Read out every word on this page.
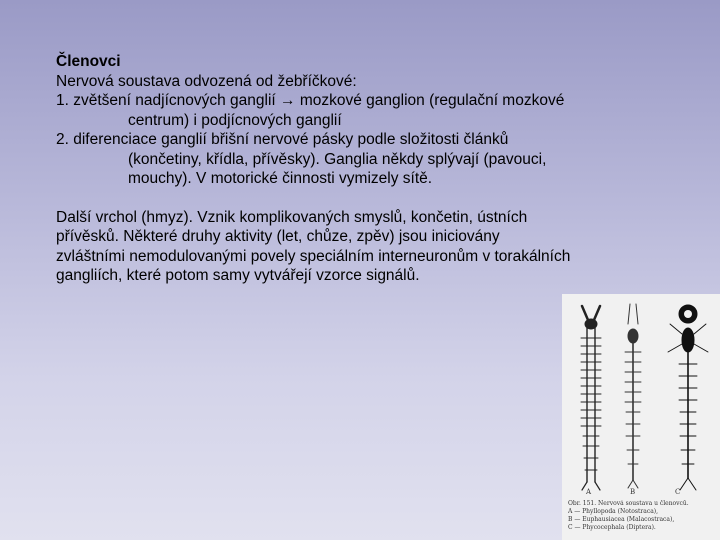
Členovci

Nervová soustava odvozená od žebříčkové:

1. zvětšení nadjícnových ganglií → mozkové ganglion (regulační mozkové

centrum) i podjícnových ganglií

2. diferenciace ganglií břišní nervové pásky podle složitosti článků

(končetiny, křídla, přívěsky). Ganglia někdy splývají (pavouci,

mouchy). V motorické činnosti vymizely sítě.

Další vrchol (hmyz). Vznik komplikovaných smyslů, končetin, ústních

přívěsků. Některé druhy aktivity (let, chůze, zpěv) jsou iniciovány

zvláštními nemodulovanými povely speciálním interneuronům v torakálních

gangliích, které potom samy vytvářejí vzorce signálů.

A	B	C
Obr. 151. Nervová soustava u členovců.
A — Phyllopoda (Notostraca),
B — Euphausiacea (Malacostraca),
C — Phycocephala (Diptera).
